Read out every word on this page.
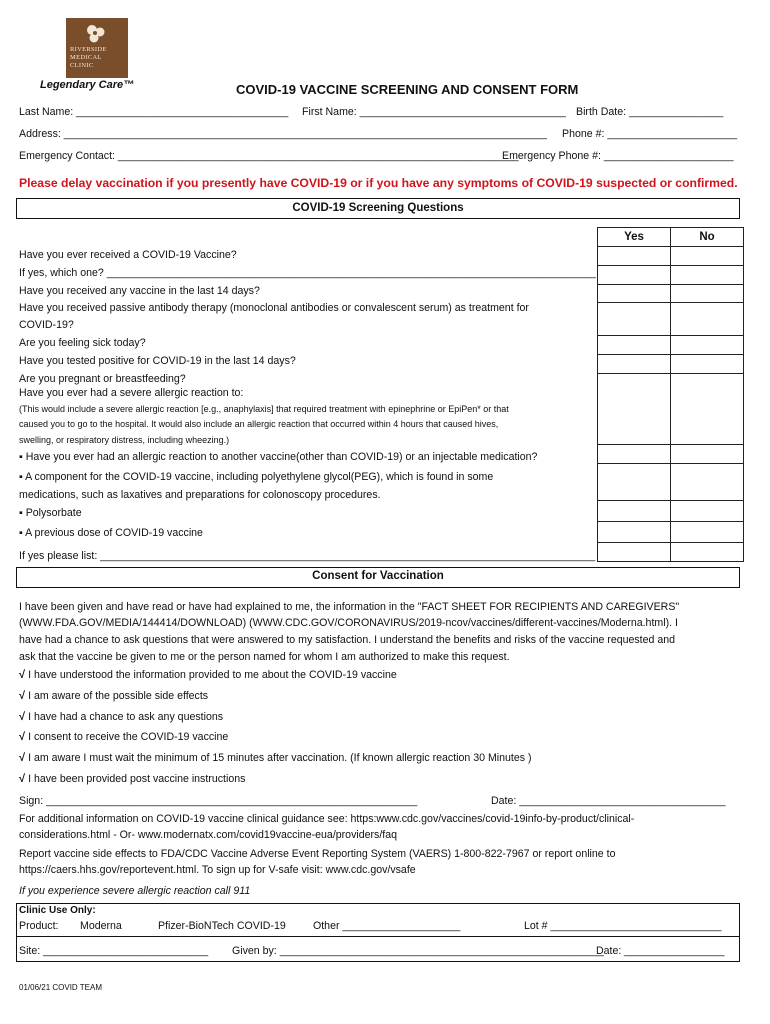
RIVERSIDE
MEDICAL
CLINIC
Legendary Care™	COVID-19 VACCINE SCREENING AND CONSENT FORM
Last Name: ____________________________________ First Name: ___________________________________ Birth Date: ________________
Address: __________________________________________________________________________________ Phone #: ______________________
Emergency Contact: ____________________________________________________________________
Emergency Phone #: ______________________
Please delay vaccination if you presently have COVID-19 or if you have any symptoms of COVID-19 suspected or confirmed.
COVID-19 Screening Questions
Yes	No

Have you ever received a COVID-19 Vaccine?
If yes, which one? ___________________________________________________________________________________
Have you received any vaccine in the last 14 days?
Have you received passive antibody therapy (monoclonal antibodies or convalescent serum) as treatment for
COVID-19?
Are you feeling sick today?
Have you tested positive for COVID-19 in the last 14 days?
Are you pregnant or breastfeeding?
Have you ever had a severe allergic reaction to:
(This would include a severe allergic reaction [e.g., anaphylaxis] that required treatment with epinephrine or EpiPen* or that
caused you to go to the hospital. It would also include an allergic reaction that occurred within 4 hours that caused hives,
swelling, or respiratory distress, including wheezing.)
▪ Have you ever had an allergic reaction to another vaccine(other than COVID-19) or an injectable medication?
▪ A component for the COVID-19 vaccine, including polyethylene glycol(PEG), which is found in some
medications, such as laxatives and preparations for colonoscopy procedures.
▪ Polysorbate
▪ A previous dose of COVID-19 vaccine
If yes please list: ____________________________________________________________________________________
Consent for Vaccination
I have been given and have read or have had explained to me, the information in the "FACT SHEET FOR RECIPIENTS AND CAREGIVERS"
(WWW.FDA.GOV/MEDIA/144414/DOWNLOAD) (WWW.CDC.GOV/CORONAVIRUS/2019-ncov/vaccines/different-vaccines/Moderna.html). I
have had a chance to ask questions that were answered to my satisfaction. I understand the benefits and risks of the vaccine requested and
ask that the vaccine be given to me or the person named for whom I am authorized to make this request.
√ I have understood the information provided to me about the COVID-19 vaccine
√ I am aware of the possible side effects
√ I have had a chance to ask any questions
√ I consent to receive the COVID-19 vaccine
√ I am aware I must wait the minimum of 15 minutes after vaccination. (If known allergic reaction 30 Minutes )
√ I have been provided post vaccine instructions
Sign: _______________________________________________________________	Date: ___________________________________
For additional information on COVID-19 vaccine clinical guidance see: https:www.cdc.gov/vaccines/covid-19info-by-product/clinical-
considerations.html - Or- www.modernatx.com/covid19vaccine-eua/providers/faq
Report vaccine side effects to FDA/CDC Vaccine Adverse Event Reporting System (VAERS) 1-800-822-7967 or report online to
https://caers.hhs.gov/reportevent.html. To sign up for V-safe visit: www.cdc.gov/vsafe
If you experience severe allergic reaction call 911
Clinic Use Only:
Product: Moderna	Pfizer-BioNTech COVID-19	Other ____________________	Lot # _____________________________
Site: ____________________________ Given by: _______________________________________________________
Date: _________________
01/06/21 COVID TEAM
